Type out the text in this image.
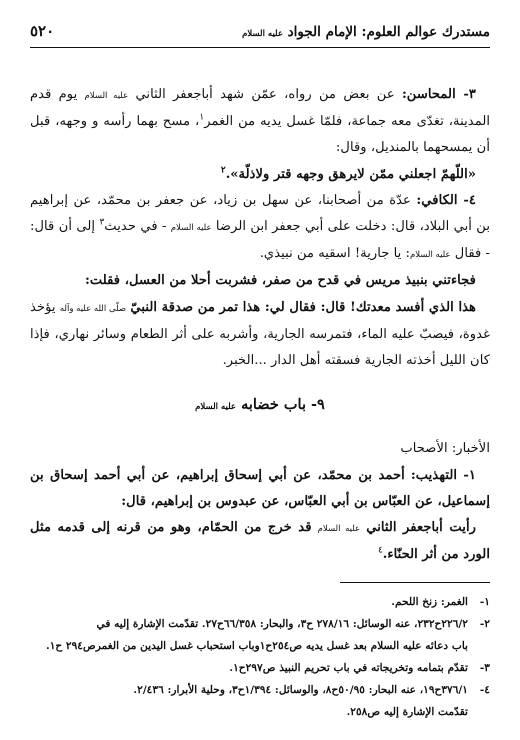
مستدرك عوالم العلوم: الإمام الجواد عليه السلام
٥٢٠

٣- المحاسن: عن بعض من رواه، عمّن شهد أباجعفر الثاني عليه السلام يوم قدم المدينة، تغدّى معه جماعة، فلمّا غسل يديه من الغمر$^١$، مسح بهما رأسه و وجهه، قبل أن يمسحهما بالمنديل، وقال:

«اللّهمّ اجعلني ممّن لايرهق وجهه قتر ولاذلّة».$^٢$

٤- الكافي: عدّة من أصحابنا، عن سهل بن زياد، عن جعفر بن محمّد، عن إبراهيم بن أبي البلاد، قال: دخلت على أبي جعفر ابن الرضا عليه السلام - في حديث$^٣$ إلى أن قال: - فقال عليه السلام: يا جارية! اسقيه من نبيذي.

فجاءتني بنبيذ مريس في قدح من صفر، فشربت أحلا من العسل، فقلت:

هذا الذي أفسد معدتك! قال: فقال لي: هذا تمر من صدقة النبيّ صلّى الله عليه وآله يؤخذ غدوة، فيصبّ عليه الماء، فتمرسه الجارية، وأشربه على أثر الطعام وسائر نهاري، فإذا كان الليل أخذته الجارية فسقته أهل الدار ...الخبر.

٩- باب خضابه عليه السلام

الأخبار: الأصحاب

١- التهذيب: أحمد بن محمّد، عن أبي إسحاق إبراهيم، عن أبي أحمد إسحاق بن إسماعيل، عن العبّاس بن أبي العبّاس، عن عبدوس بن إبراهيم، قال:

رأيت أباجعفر الثاني عليه السلام قد خرج من الحمّام، وهو من قرنه إلى قدمه مثل الورد من أثر الحنّاء.$^٤$

١-الغمر: زنخ اللحم.

٢-٢٢٦/٢ح٢٣٢، عنه الوسائل: ٢٧٨/١٦ ح٣، والبحار: ٦٦/٣٥٨ح٢٧. تقدّمت الإشارة إليه في

باب دعائه عليه السلام بعد غسل يديه ص٢٥٤ح١وباب استحباب غسل اليدين من الغمرص٢٩٤ ح١.

٣-تقدّم بتمامه وتخريجاته في باب تحريم النبيذ ص٢٩٧ح١.

٤-٣٧٦/١ح١٩، عنه البحار: ٥٠/٩٥ح٨، والوسائل: ١/٣٩٤ح٣، وحلية الأبرار: ٢/٤٣٦.

تقدّمت الإشارة إليه ص٢٥٨.
